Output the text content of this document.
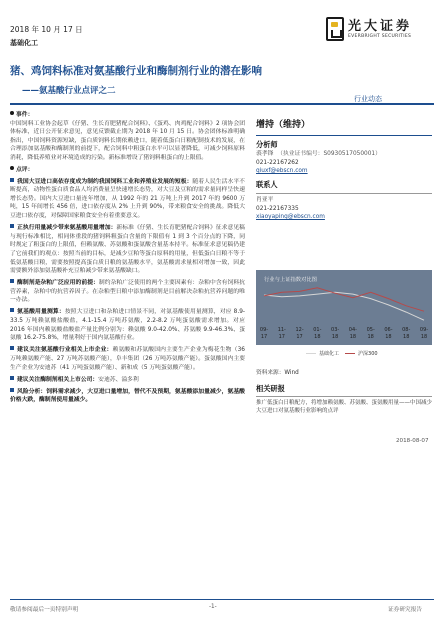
2018 年 10 月 17 日
基础化工
光大证券
EVERBRIGHT SECURITIES
猪、鸡饲料标准对氨基酸行业和酶制剂行业的潜在影响
——氨基酸行业点评之二
行业动态
事件：

中国饲料工业协会起草《仔猪、生长育肥猪配合饲料》、《蛋鸡、肉鸡配合饲料》2 项协会团体标准，近日公开征求意见，意见反馈截止期为 2018 年 10 月 15 日。协会团体标准明确指出，中国饲料资源短缺，蛋白质饲料长期依赖进口，随着低蛋白日粮配制技术的发展，在合理添加氨基酸和酶制剂的前提下，配合饲料中粗蛋白水平可以显著降低，可减少饲料原料消耗，降低养殖业对环境造成的污染。新标准增设了猪饲料粗蛋白的上限值。

点评：

我国大豆进口高依存度成为制约我国饲料工业和养殖业发展的短板：随着人民生活水平不断提高，动物性蛋白质食品人均消费量呈快速增长态势，对大豆及豆粕的需求量同样呈快速增长态势。国内大豆进口量连年增加，从 1992 年的 21 万吨上升到 2017 年的 9600 万吨，15 年间增长 456 倍，进口依存度从 2% 上升到 90%，带来粮食安全的挑战。降低大豆进口依存度，对保障国家粮食安全有着重要意义。

正执行用量减少带来氨基酸用量增加：新标准《仔猪、生长育肥猪配合饲料》征求意见稿与现行标准相比，相同体重段的猪饲料粗蛋白含量的下限值有 1 到 3 个百分点的下降，同时规定了粗蛋白的上限值，但赖氨酸、苏氨酸和蛋氨酸含量基本持平。标准征求意见稿仍建了它前我们的观点：按照当前的目标，是减少豆粕等蛋白原料的用量，但低蛋白日粮不等于低氨基酸日粮，需要按照提高蛋白质日粮的氨基酸水平，氨基酸需求量相对增加一致，因此需要额外添加氨基酸补充豆粕减少带来氨基酸缺口。

酶制剂是杂粕广泛应用的前提：制约杂粕广泛使用的两个主要因素有：杂粕中含有饲料抗营养素，杂粕中的抗营养因子。在杂粕型日粮中添加酶制剂是目前解决杂粕抗营养问题的唯一办法。

氨基酸用量测算：按照大豆进口和杂粕进口情景不同，对氨基酸使用量测算，对应 8.9-33.5 万吨赖氨酸盐酸盐，4.1-15.4 万吨苏氨酸，2.2-8.2 万吨蛋氨酸需求增加。对应 2016 年国内赖氨酸盐酸盐产量比例分别为：赖氨酸 9.0-42.0%、苏氨酸 9.9-46.3%、蛋氨酸 16.2-75.8%，增量利好于国内氨基酸行业。

建议关注氨基酸行业相关上市企业：赖氨酸和苏氨酸国内主要生产企业为梅花生物（36 万吨赖氨酸产能、27 万吨苏氨酸产能），阜丰集团（26 万吨苏氨酸产能）。蛋氨酸国内主要生产企业为安迪苏（41 万吨蛋氨酸产能）、新和成（5 万吨蛋氨酸产能）。

建议关注酶制剂相关上市公司：安迪苏、溢多利

风险分析：饲料需求减少，大豆进口量增加，替代不及预期，氨基酸添加量减少，氨基酸价格大跌，酶制剂使用量减少。

增持（维持）
分析师
裘孝锋 （执业证书编号：S0930517050001）
021-22167262
qiuxf@ebscn.com
联系人
肖亚平
021-22167335
xiaoyaping@ebscn.com
09-
17
11-
17
12-
17
01-
18
03-
18
04-
18
05-
18
06-
18
08-
18
09-
18
行业与上证指数对比图
基础化工	沪深300
资料来源：Wind
相关研报

推广低蛋白日粮配方，将增加赖氨酸、苏氨酸、蛋氨酸用量——中国减少大豆进口对氨基酸行业影响的点评

2018-08-07
敬请参阅最后一页特别声明	-1-	证券研究报告
